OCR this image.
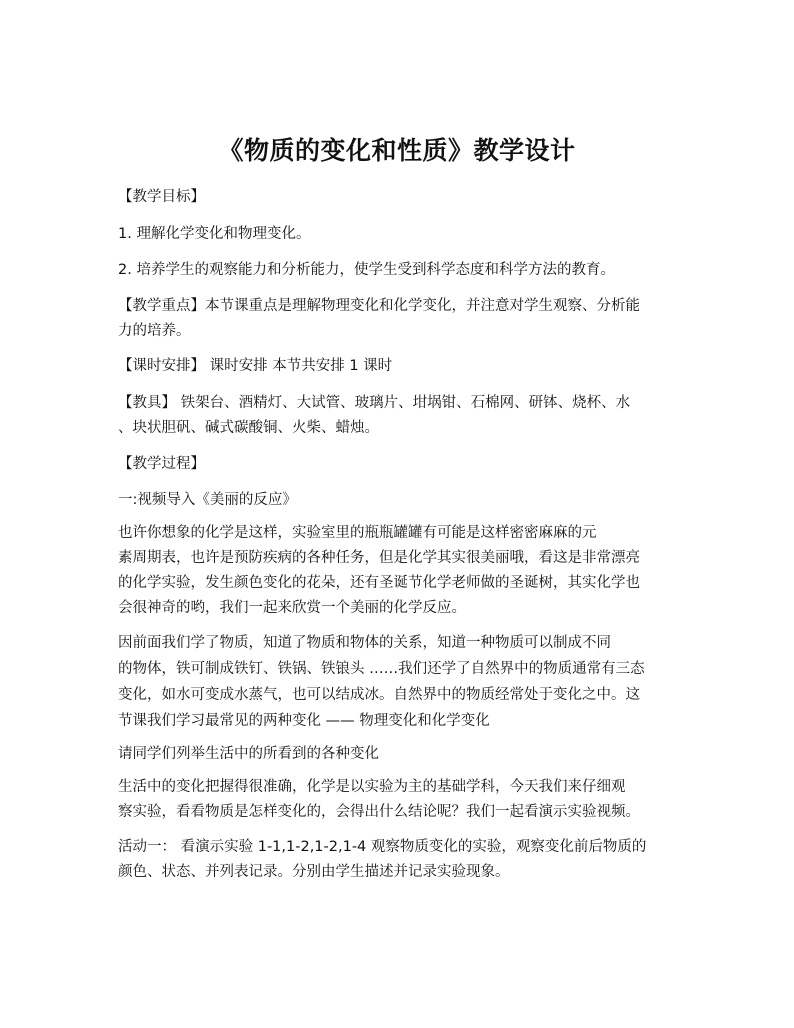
《物质的变化和性质》教学设计
【教学目标】
1. 理解化学变化和物理变化。
2. 培养学生的观察能力和分析能力，使学生受到科学态度和科学方法的教育。
【教学重点】本节课重点是理解物理变化和化学变化，并注意对学生观察、分析能
力的培养。
【课时安排】 课时安排 本节共安排 1 课时
【教具】 铁架台、酒精灯、大试管、玻璃片、坩埚钳、石棉网、研钵、烧杯、水
、块状胆矾、碱式碳酸铜、火柴、蜡烛。
【教学过程】
一:视频导入《美丽的反应》
也许你想象的化学是这样，实验室里的瓶瓶罐罐有可能是这样密密麻麻的元
素周期表，也许是预防疾病的各种任务，但是化学其实很美丽哦，看这是非常漂亮
的化学实验，发生颜色变化的花朵，还有圣诞节化学老师做的圣诞树，其实化学也
会很神奇的哟，我们一起来欣赏一个美丽的化学反应。
因前面我们学了物质，知道了物质和物体的关系，知道一种物质可以制成不同
的物体，铁可制成铁钉、铁锅、铁锒头 ……我们还学了自然界中的物质通常有三态
变化，如水可变成水蒸气，也可以结成冰。自然界中的物质经常处于变化之中。这
节课我们学习最常见的两种变化 —— 物理变化和化学变化
请同学们列举生活中的所看到的各种变化
生活中的变化把握得很准确，化学是以实验为主的基础学科，今天我们来仔细观
察实验，看看物质是怎样变化的，会得出什么结论呢？我们一起看演示实验视频。
活动一： 看演示实验 1-1,1-2,1-2,1-4 观察物质变化的实验，观察变化前后物质的
颜色、状态、并列表记录。分别由学生描述并记录实验现象。
